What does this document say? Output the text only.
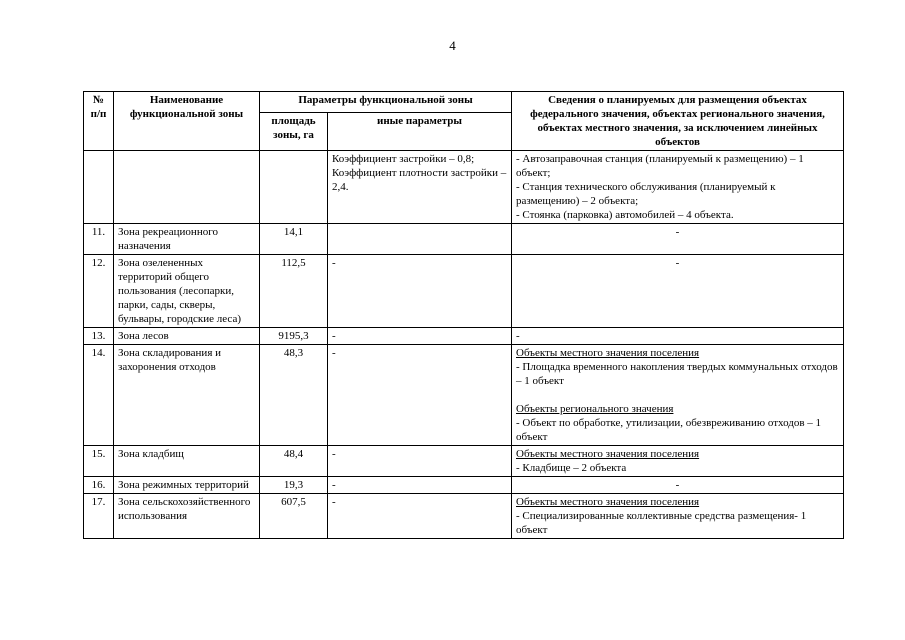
4
№ п/п	Наименование функциональной зоны	Параметры функциональной зоны		Сведения о планируемых для размещения объектах федерального значения, объектах регионального значения, объектах местного значения, за исключением линейных объектов
		площадь зоны, га	иные параметры	
			Коэффициент застройки – 0,8; Коэффициент плотности застройки – 2,4.	- Автозаправочная станция (планируемый к размещению) – 1 объект;
- Станция технического обслуживания (планируемый к размещению) – 2 объекта;
- Стоянка (парковка) автомобилей – 4 объекта.

11.	Зона рекреационного назначения	14,1		-

12.	Зона озелененных территорий общего пользования (лесопарки, парки, сады, скверы, бульвары, городские леса)	112,5	-	-

13.	Зона лесов	9195,3	-	-

14.	Зона складирования и захоронения отходов	48,3	-	Объекты местного значения поселения
- Площадка временного накопления твердых коммунальных отходов – 1 объект
Объекты регионального значения
- Объект по обработке, утилизации, обезвреживанию отходов – 1 объект

15.	Зона кладбищ	48,4	-	Объекты местного значения поселения
- Кладбище – 2 объекта

16.	Зона режимных территорий	19,3	-	-

17.	Зона сельскохозяйственного использования	607,5	-	Объекты местного значения поселения
- Специализированные коллективные средства размещения- 1 объект
